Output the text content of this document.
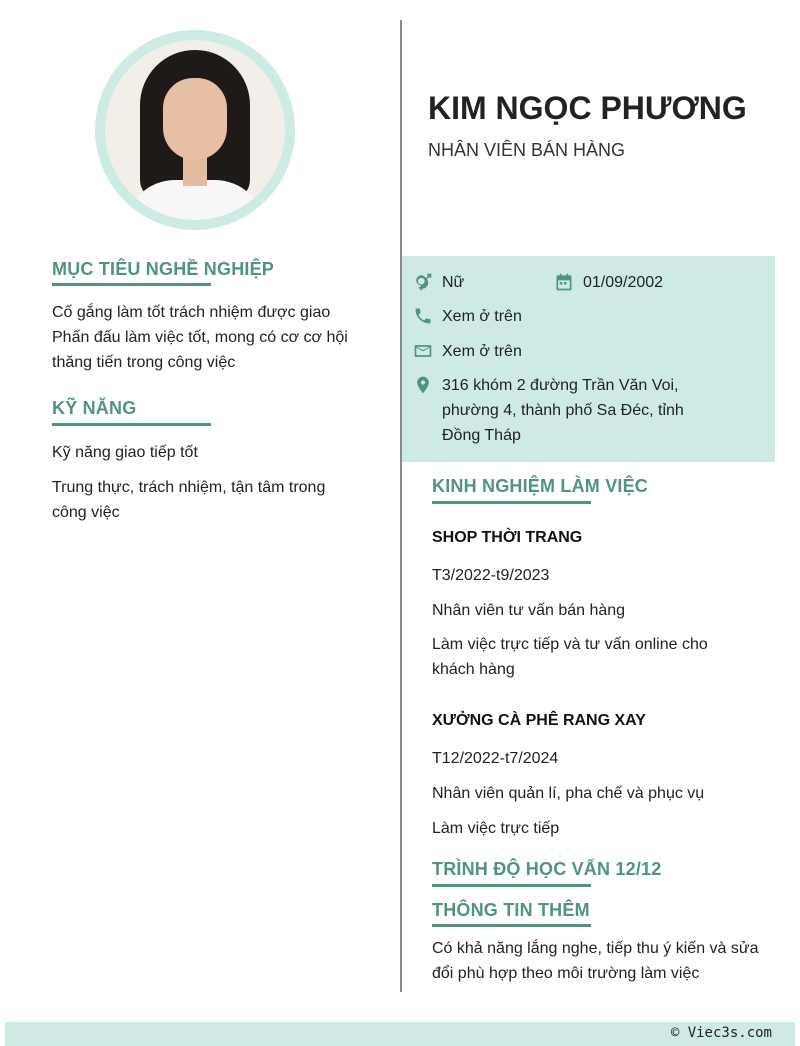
MỤC TIÊU NGHỀ NGHIỆP
Cố gắng làm tốt trách nhiệm được giao Phấn đấu làm việc tốt, mong có cơ cơ hội thăng tiến trong công việc
KỸ NĂNG
Kỹ năng giao tiếp tốt
Trung thực, trách nhiệm, tận tâm trong công việc
KIM NGỌC PHƯƠNG
NHÂN VIÊN BÁN HÀNG
Nữ	01/09/2002
Xem ở trên
Xem ở trên
316 khóm 2 đường Trần Văn Voi, phường 4, thành phố Sa Đéc, tỉnh Đồng Tháp
KINH NGHIỆM LÀM VIỆC
SHOP THỜI TRANG
T3/2022-t9/2023
Nhân viên tư vấn bán hàng
Làm việc trực tiếp và tư vấn online cho khách hàng
XƯỞNG CÀ PHÊ RANG XAY
T12/2022-t7/2024
Nhân viên quản lí, pha chế và phục vụ
Làm việc trực tiếp
TRÌNH ĐỘ HỌC VẤN 12/12
THÔNG TIN THÊM
Có khả năng lắng nghe, tiếp thu ý kiến và sửa đổi phù hợp theo môi trường làm việc
© Viec3s.com
